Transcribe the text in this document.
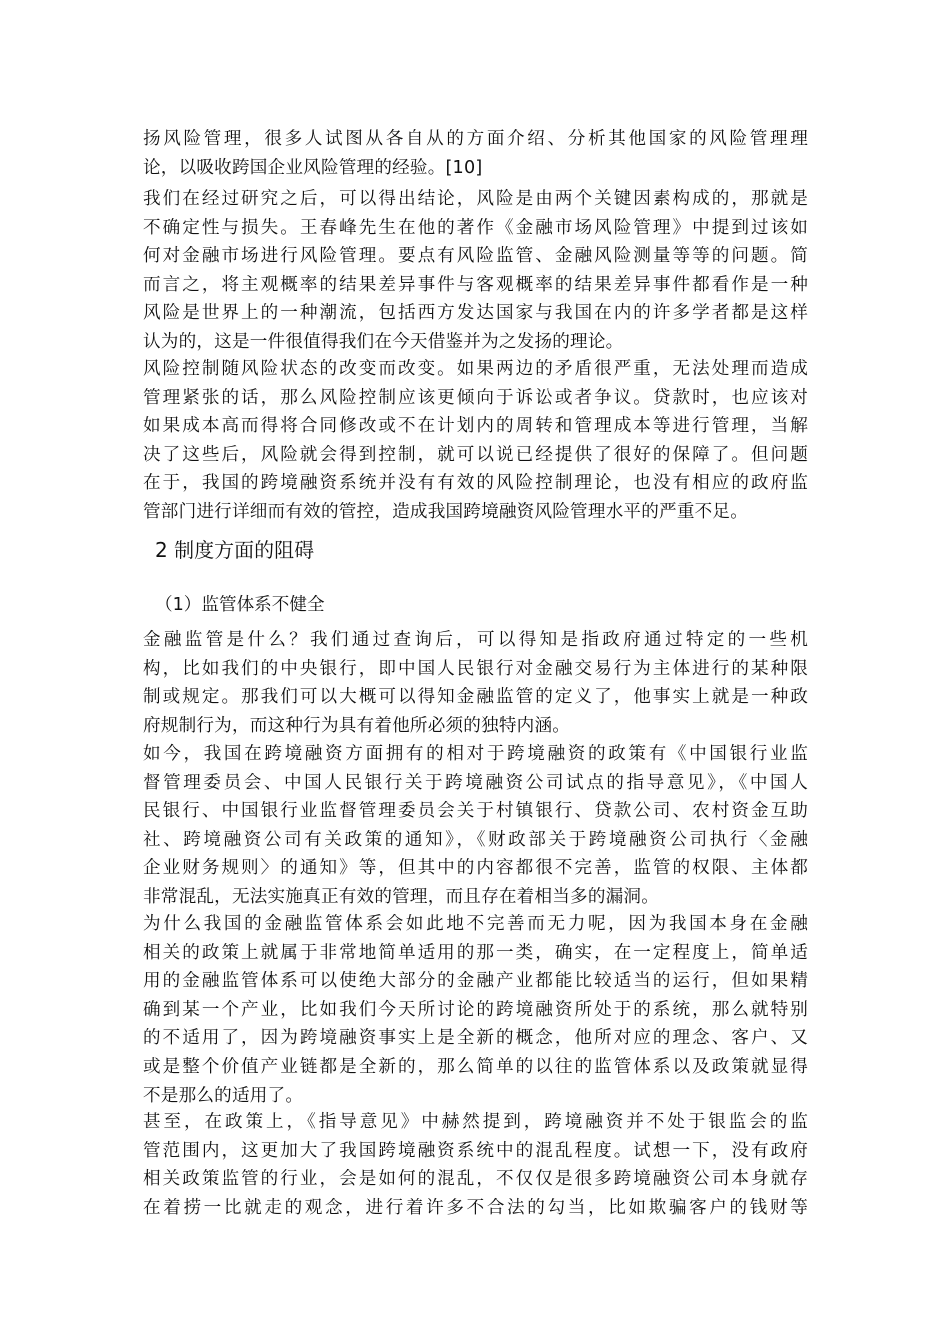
扬风险管理，很多人试图从各自从的方面介绍、分析其他国家的风险管理理
论，以吸收跨国企业风险管理的经验。[10]
我们在经过研究之后，可以得出结论，风险是由两个关键因素构成的，那就是
不确定性与损失。王春峰先生在他的著作《金融市场风险管理》中提到过该如
何对金融市场进行风险管理。要点有风险监管、金融风险测量等等的问题。简
而言之，将主观概率的结果差异事件与客观概率的结果差异事件都看作是一种
风险是世界上的一种潮流，包括西方发达国家与我国在内的许多学者都是这样
认为的，这是一件很值得我们在今天借鉴并为之发扬的理论。
风险控制随风险状态的改变而改变。如果两边的矛盾很严重，无法处理而造成
管理紧张的话，那么风险控制应该更倾向于诉讼或者争议。贷款时，也应该对
如果成本高而得将合同修改或不在计划内的周转和管理成本等进行管理，当解
决了这些后，风险就会得到控制，就可以说已经提供了很好的保障了。但问题
在于，我国的跨境融资系统并没有有效的风险控制理论，也没有相应的政府监
管部门进行详细而有效的管控，造成我国跨境融资风险管理水平的严重不足。
2 制度方面的阻碍
（1）监管体系不健全
金融监管是什么？我们通过查询后，可以得知是指政府通过特定的一些机
构，比如我们的中央银行，即中国人民银行对金融交易行为主体进行的某种限
制或规定。那我们可以大概可以得知金融监管的定义了，他事实上就是一种政
府规制行为，而这种行为具有着他所必须的独特内涵。
如今，我国在跨境融资方面拥有的相对于跨境融资的政策有《中国银行业监
督管理委员会、中国人民银行关于跨境融资公司试点的指导意见》，《中国人
民银行、中国银行业监督管理委员会关于村镇银行、贷款公司、农村资金互助
社、跨境融资公司有关政策的通知》，《财政部关于跨境融资公司执行〈金融
企业财务规则〉的通知》等，但其中的内容都很不完善，监管的权限、主体都
非常混乱，无法实施真正有效的管理，而且存在着相当多的漏洞。
为什么我国的金融监管体系会如此地不完善而无力呢，因为我国本身在金融
相关的政策上就属于非常地简单适用的那一类，确实，在一定程度上，简单适
用的金融监管体系可以使绝大部分的金融产业都能比较适当的运行，但如果精
确到某一个产业，比如我们今天所讨论的跨境融资所处于的系统，那么就特别
的不适用了，因为跨境融资事实上是全新的概念，他所对应的理念、客户、又
或是整个价值产业链都是全新的，那么简单的以往的监管体系以及政策就显得
不是那么的适用了。
甚至，在政策上，《指导意见》中赫然提到，跨境融资并不处于银监会的监
管范围内，这更加大了我国跨境融资系统中的混乱程度。试想一下，没有政府
相关政策监管的行业，会是如何的混乱，不仅仅是很多跨境融资公司本身就存
在着捞一比就走的观念，进行着许多不合法的勾当，比如欺骗客户的钱财等
